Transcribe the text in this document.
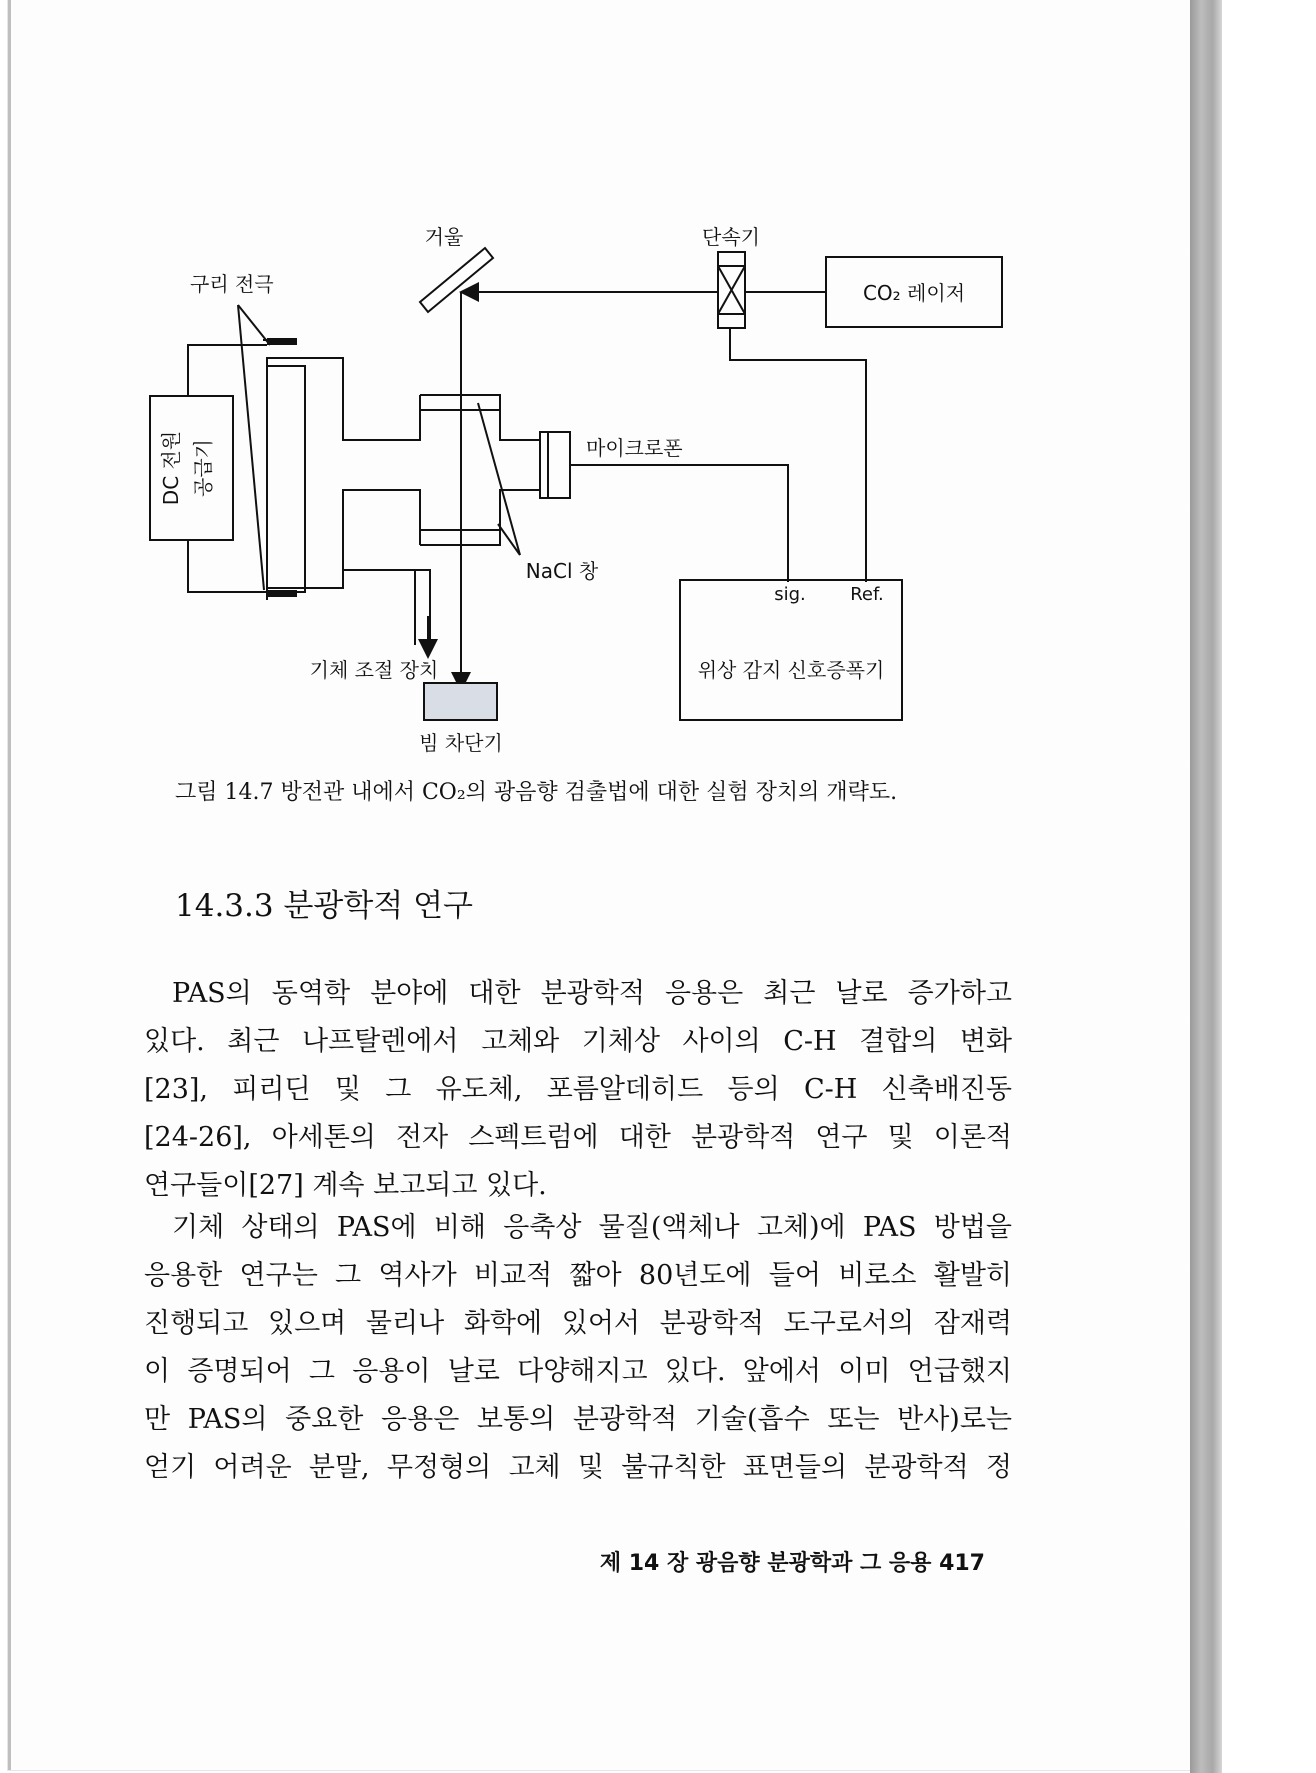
거울	단속기
구리 전극	CO₂ 레이저
DC 전원 공급기	마이크로폰
NaCl 창
sig. Ref.
위상 감지 신호증폭기
기체 조절 장치
빔 차단기
그림 14.7 방전관 내에서 CO₂의 광음향 검출법에 대한 실험 장치의 개략도.
14.3.3 분광학적 연구
PAS의 동역학 분야에 대한 분광학적 응용은 최근 날로 증가하고
있다. 최근 나프탈렌에서 고체와 기체상 사이의 C-H 결합의 변화
[23], 피리딘 및 그 유도체, 포름알데히드 등의 C-H 신축배진동
[24-26], 아세톤의 전자 스펙트럼에 대한 분광학적 연구 및 이론적
연구들이[27] 계속 보고되고 있다.
기체 상태의 PAS에 비해 응축상 물질(액체나 고체)에 PAS 방법을
응용한 연구는 그 역사가 비교적 짧아 80년도에 들어 비로소 활발히
진행되고 있으며 물리나 화학에 있어서 분광학적 도구로서의 잠재력
이 증명되어 그 응용이 날로 다양해지고 있다. 앞에서 이미 언급했지
만 PAS의 중요한 응용은 보통의 분광학적 기술(흡수 또는 반사)로는
얻기 어려운 분말, 무정형의 고체 및 불규칙한 표면들의 분광학적 정
제 14 장 광음향 분광학과 그 응용 417
